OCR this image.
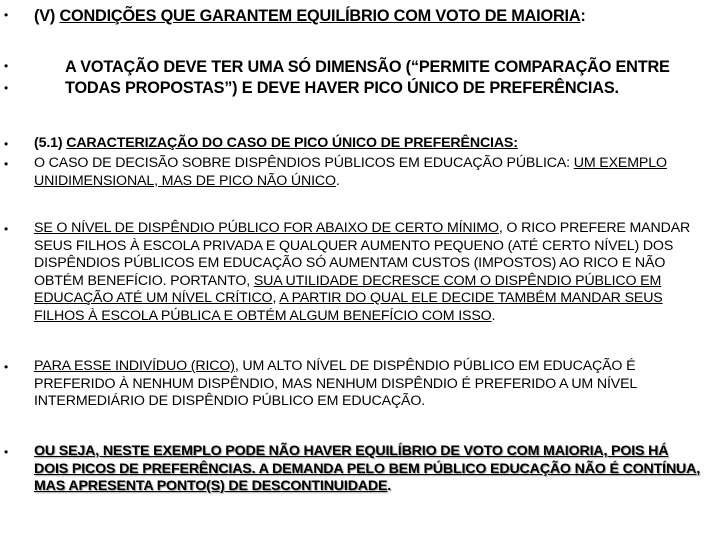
•	(V) CONDIÇÕES QUE GARANTEM EQUILÍBRIO COM VOTO DE MAIORIA:
•
•
A VOTAÇÃO DEVE TER UMA SÓ DIMENSÃO (“PERMITE COMPARAÇÃO ENTRE
TODAS PROPOSTAS”) E DEVE HAVER PICO ÚNICO DE PREFERÊNCIAS.
•	(5.1) CARACTERIZAÇÃO DO CASO DE PICO ÚNICO DE PREFERÊNCIAS:
•	O CASO DE DECISÃO SOBRE DISPÊNDIOS PÚBLICOS EM EDUCAÇÃO PÚBLICA: UM EXEMPLO UNIDIMENSIONAL, MAS DE PICO NÃO ÚNICO.
•	SE O NÍVEL DE DISPÊNDIO PÚBLICO FOR ABAIXO DE CERTO MÍNIMO, O RICO PREFERE MANDAR SEUS FILHOS À ESCOLA PRIVADA E QUALQUER AUMENTO PEQUENO (ATÉ CERTO NÍVEL) DOS DISPÊNDIOS PÚBLICOS EM EDUCAÇÃO SÓ AUMENTAM CUSTOS (IMPOSTOS) AO RICO E NÃO OBTÉM BENEFÍCIO. PORTANTO, SUA UTILIDADE DECRESCE COM O DISPÊNDIO PÚBLICO EM EDUCAÇÃO ATÉ UM NÍVEL CRÍTICO, A PARTIR DO QUAL ELE DECIDE TAMBÉM MANDAR SEUS FILHOS À ESCOLA PÚBLICA E OBTÉM ALGUM BENEFÍCIO COM ISSO.
•	PARA ESSE INDIVÍDUO (RICO), UM ALTO NÍVEL DE DISPÊNDIO PÚBLICO EM EDUCAÇÃO É PREFERIDO À NENHUM DISPÊNDIO, MAS NENHUM DISPÊNDIO É PREFERIDO A UM NÍVEL INTERMEDIÁRIO DE DISPÊNDIO PÚBLICO EM EDUCAÇÃO.
•	OU SEJA, NESTE EXEMPLO PODE NÃO HAVER EQUILÍBRIO DE VOTO COM MAIORIA, POIS HÁ DOIS PICOS DE PREFERÊNCIAS. A DEMANDA PELO BEM PÚBLICO EDUCAÇÃO NÃO É CONTÍNUA, MAS APRESENTA PONTO(S) DE DESCONTINUIDADE.
